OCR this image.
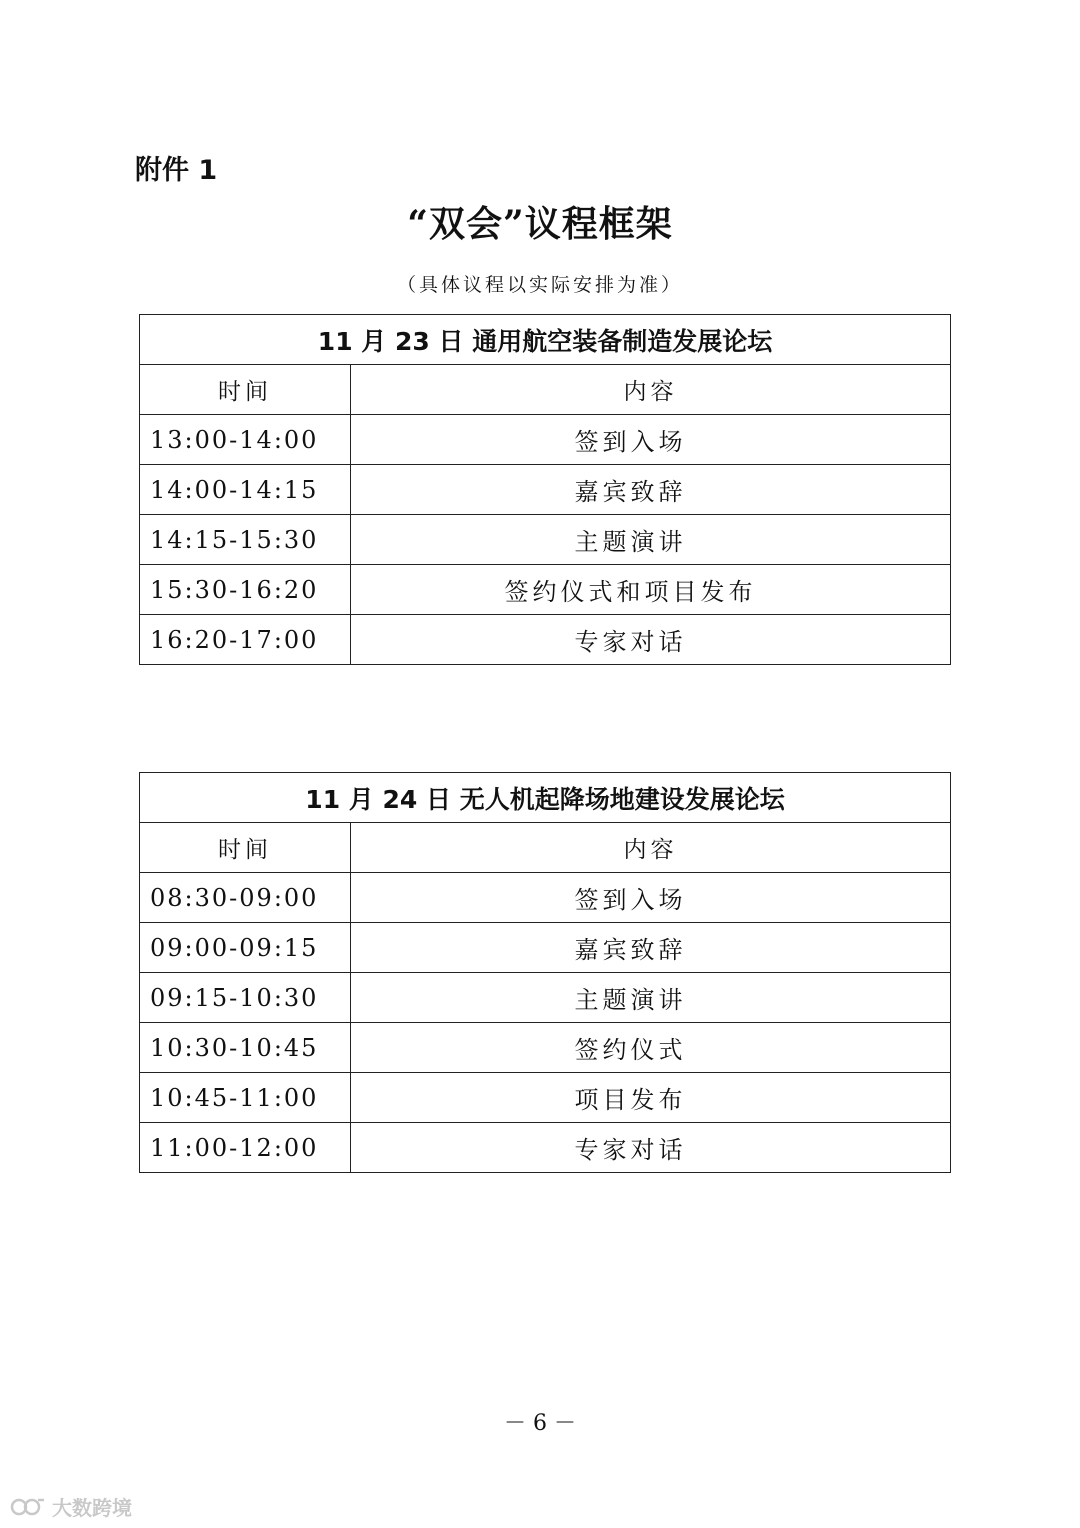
附件 1
“双会”议程框架
（具体议程以实际安排为准）
11 月 23 日 通用航空装备制造发展论坛	
时间	内容
13:00-14:00	签到入场
14:00-14:15	嘉宾致辞
14:15-15:30	主题演讲
15:30-16:20	签约仪式和项目发布
16:20-17:00	专家对话
11 月 24 日 无人机起降场地建设发展论坛	
时间	内容
08:30-09:00	签到入场
09:00-09:15	嘉宾致辞
09:15-10:30	主题演讲
10:30-10:45	签约仪式
10:45-11:00	项目发布
11:00-12:00	专家对话
－ 6 －
大数跨境
